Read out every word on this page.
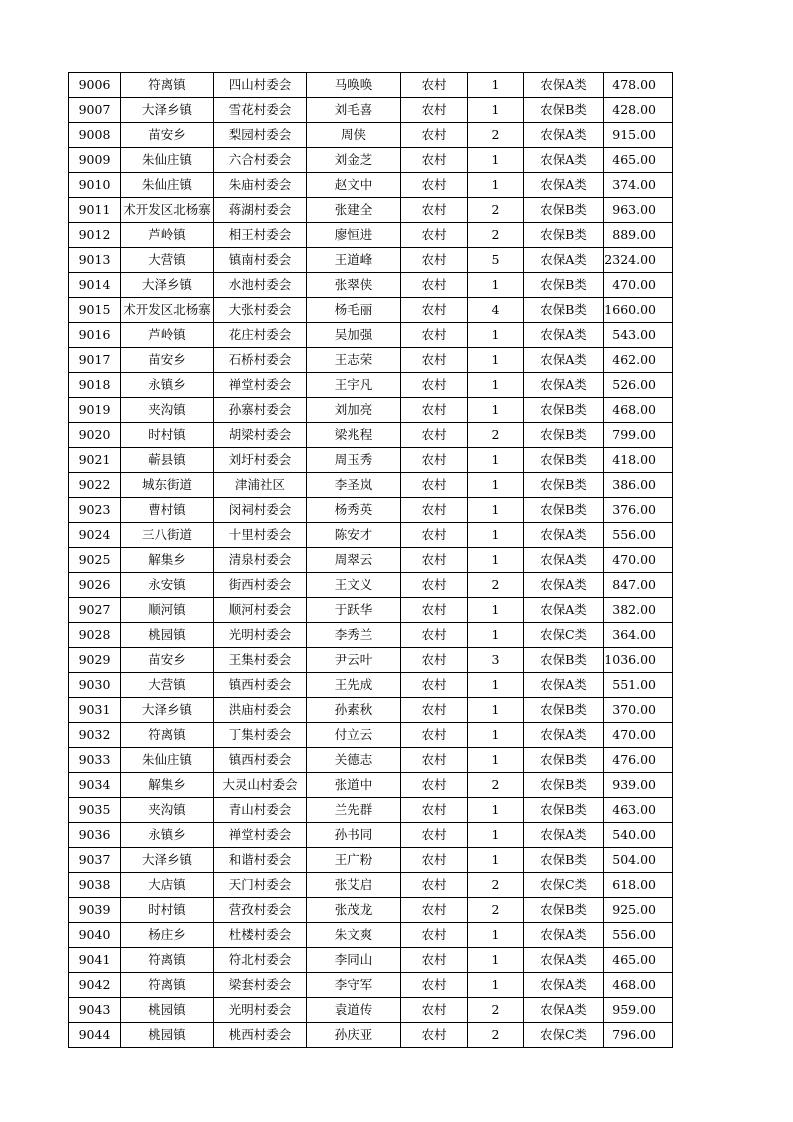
9006	符离镇	四山村委会	马唤唤	农村	1	农保A类	478.00
9007	大泽乡镇	雪花村委会	刘毛喜	农村	1	农保B类	428.00
9008	苗安乡	梨园村委会	周侠	农村	2	农保A类	915.00
9009	朱仙庄镇	六合村委会	刘金芝	农村	1	农保A类	465.00
9010	朱仙庄镇	朱庙村委会	赵文中	农村	1	农保A类	374.00
9011	术开发区北杨寨	蒋湖村委会	张建全	农村	2	农保B类	963.00
9012	芦岭镇	相王村委会	廖恒进	农村	2	农保B类	889.00
9013	大营镇	镇南村委会	王道峰	农村	5	农保A类	2324.00
9014	大泽乡镇	水池村委会	张翠侠	农村	1	农保B类	470.00
9015	术开发区北杨寨	大张村委会	杨毛丽	农村	4	农保B类	1660.00
9016	芦岭镇	花庄村委会	吴加强	农村	1	农保A类	543.00
9017	苗安乡	石桥村委会	王志荣	农村	1	农保A类	462.00
9018	永镇乡	禅堂村委会	王宇凡	农村	1	农保A类	526.00
9019	夹沟镇	孙寨村委会	刘加亮	农村	1	农保B类	468.00
9020	时村镇	胡梁村委会	梁兆程	农村	2	农保B类	799.00
9021	蕲县镇	刘圩村委会	周玉秀	农村	1	农保B类	418.00
9022	城东街道	津浦社区	李圣岚	农村	1	农保B类	386.00
9023	曹村镇	闵祠村委会	杨秀英	农村	1	农保B类	376.00
9024	三八街道	十里村委会	陈安才	农村	1	农保A类	556.00
9025	解集乡	清泉村委会	周翠云	农村	1	农保A类	470.00
9026	永安镇	街西村委会	王文义	农村	2	农保A类	847.00
9027	顺河镇	顺河村委会	于跃华	农村	1	农保A类	382.00
9028	桃园镇	光明村委会	李秀兰	农村	1	农保C类	364.00
9029	苗安乡	王集村委会	尹云叶	农村	3	农保B类	1036.00
9030	大营镇	镇西村委会	王先成	农村	1	农保A类	551.00
9031	大泽乡镇	洪庙村委会	孙素秋	农村	1	农保B类	370.00
9032	符离镇	丁集村委会	付立云	农村	1	农保A类	470.00
9033	朱仙庄镇	镇西村委会	关德志	农村	1	农保B类	476.00
9034	解集乡	大灵山村委会	张道中	农村	2	农保B类	939.00
9035	夹沟镇	青山村委会	兰先群	农村	1	农保B类	463.00
9036	永镇乡	禅堂村委会	孙书同	农村	1	农保A类	540.00
9037	大泽乡镇	和谐村委会	王广粉	农村	1	农保B类	504.00
9038	大店镇	天门村委会	张艾启	农村	2	农保C类	618.00
9039	时村镇	营孜村委会	张茂龙	农村	2	农保B类	925.00
9040	杨庄乡	杜楼村委会	朱文爽	农村	1	农保A类	556.00
9041	符离镇	符北村委会	李同山	农村	1	农保A类	465.00
9042	符离镇	梁套村委会	李守军	农村	1	农保A类	468.00
9043	桃园镇	光明村委会	袁道传	农村	2	农保A类	959.00
9044	桃园镇	桃西村委会	孙庆亚	农村	2	农保C类	796.00
